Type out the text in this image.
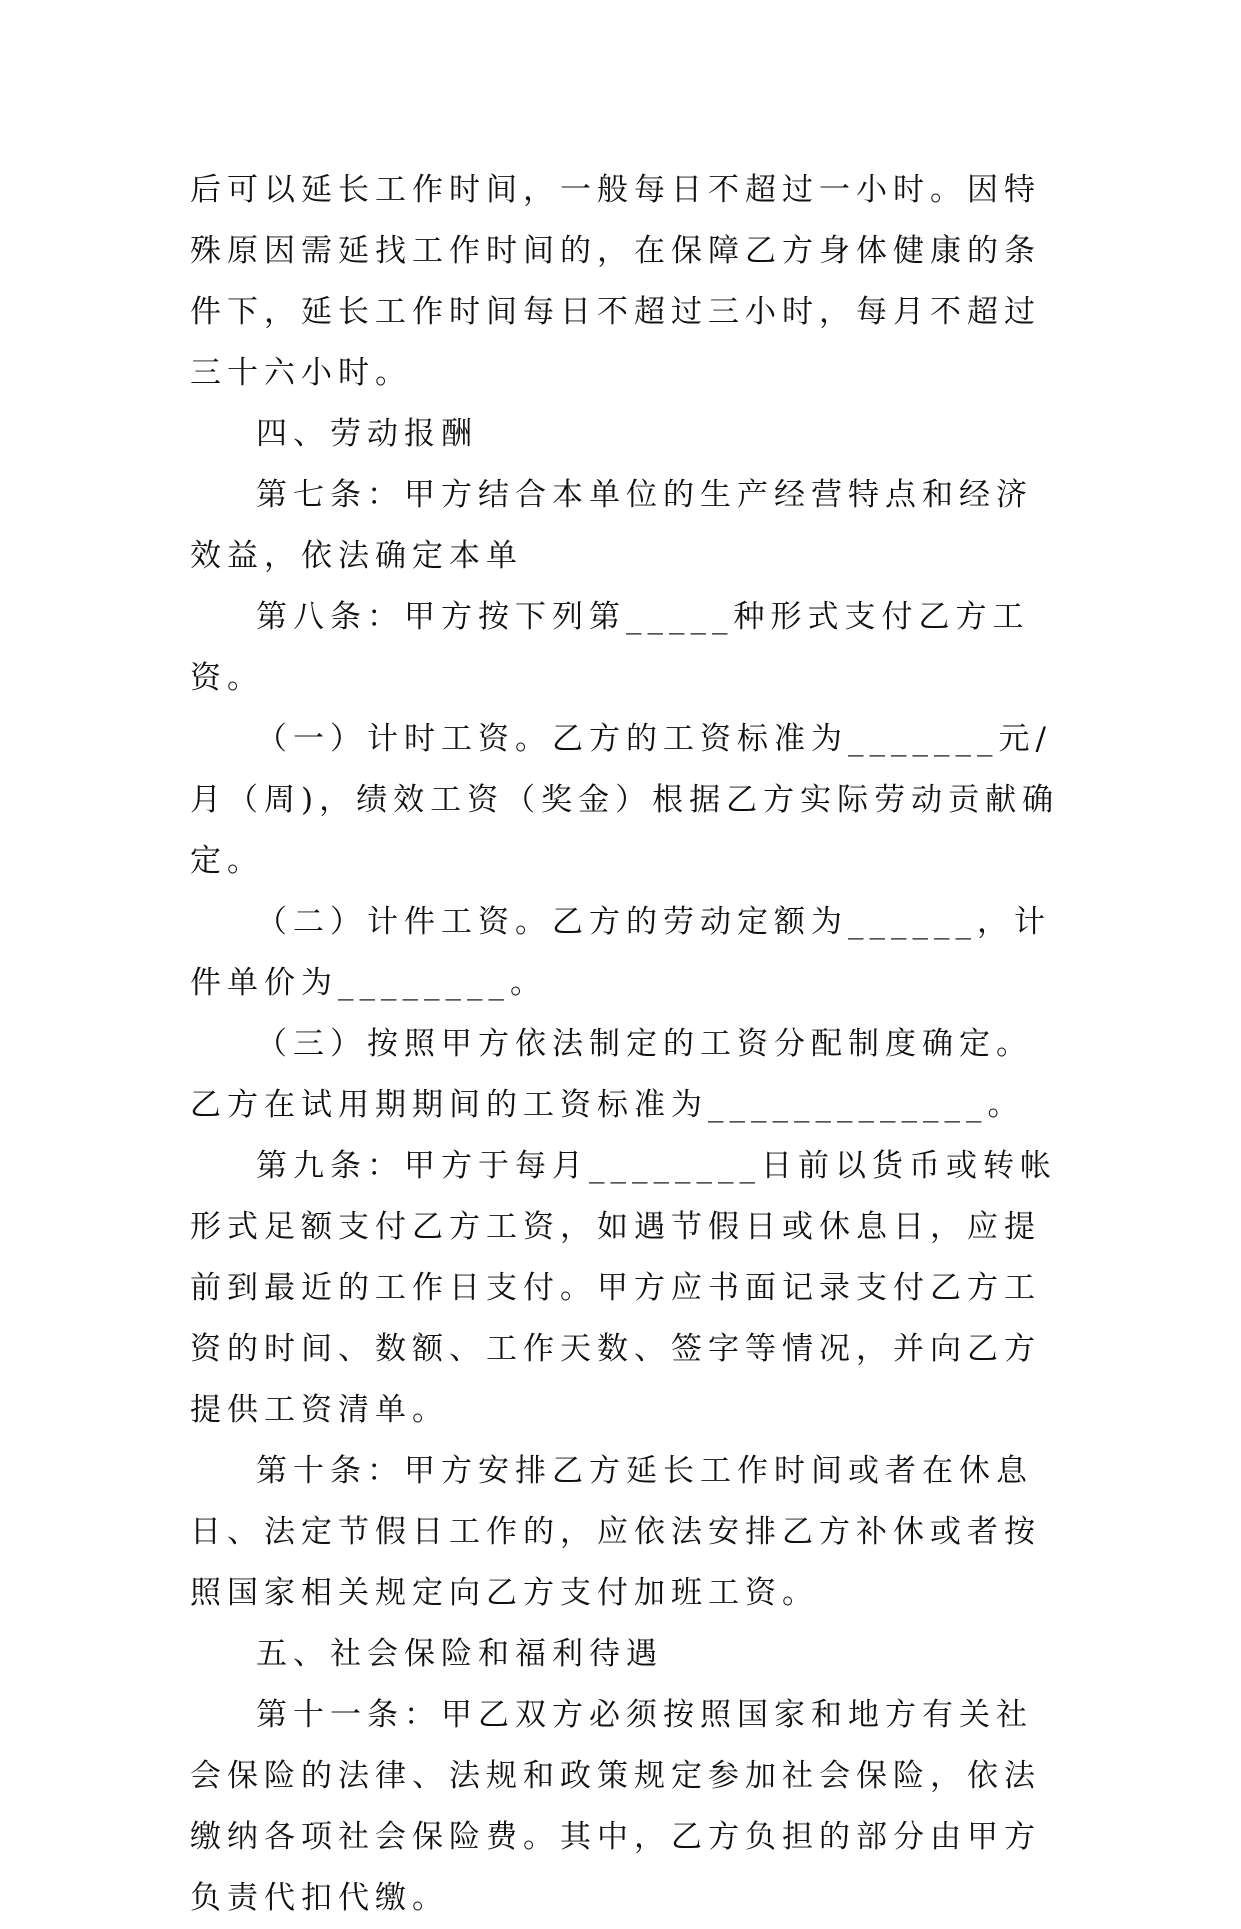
后可以延长工作时间，一般每日不超过一小时。因特殊原因需延找工作时间的，在保障乙方身体健康的条件下，延长工作时间每日不超过三小时，每月不超过三十六小时。

四、劳动报酬

第七条：甲方结合本单位的生产经营特点和经济效益，依法确定本单

第八条：甲方按下列第_____种形式支付乙方工资。

（一）计时工资。乙方的工资标准为_______元/月（周)，绩效工资（奖金）根据乙方实际劳动贡献确定。

（二）计件工资。乙方的劳动定额为______，计件单价为________。

（三）按照甲方依法制定的工资分配制度确定。乙方在试用期期间的工资标准为_____________。

第九条：甲方于每月________日前以货币或转帐形式足额支付乙方工资，如遇节假日或休息日，应提前到最近的工作日支付。甲方应书面记录支付乙方工资的时间、数额、工作天数、签字等情况，并向乙方提供工资清单。

第十条：甲方安排乙方延长工作时间或者在休息日、法定节假日工作的，应依法安排乙方补休或者按照国家相关规定向乙方支付加班工资。

五、社会保险和福利待遇

第十一条：甲乙双方必须按照国家和地方有关社会保险的法律、法规和政策规定参加社会保险，依法缴纳各项社会保险费。其中，乙方负担的部分由甲方负责代扣代缴。
